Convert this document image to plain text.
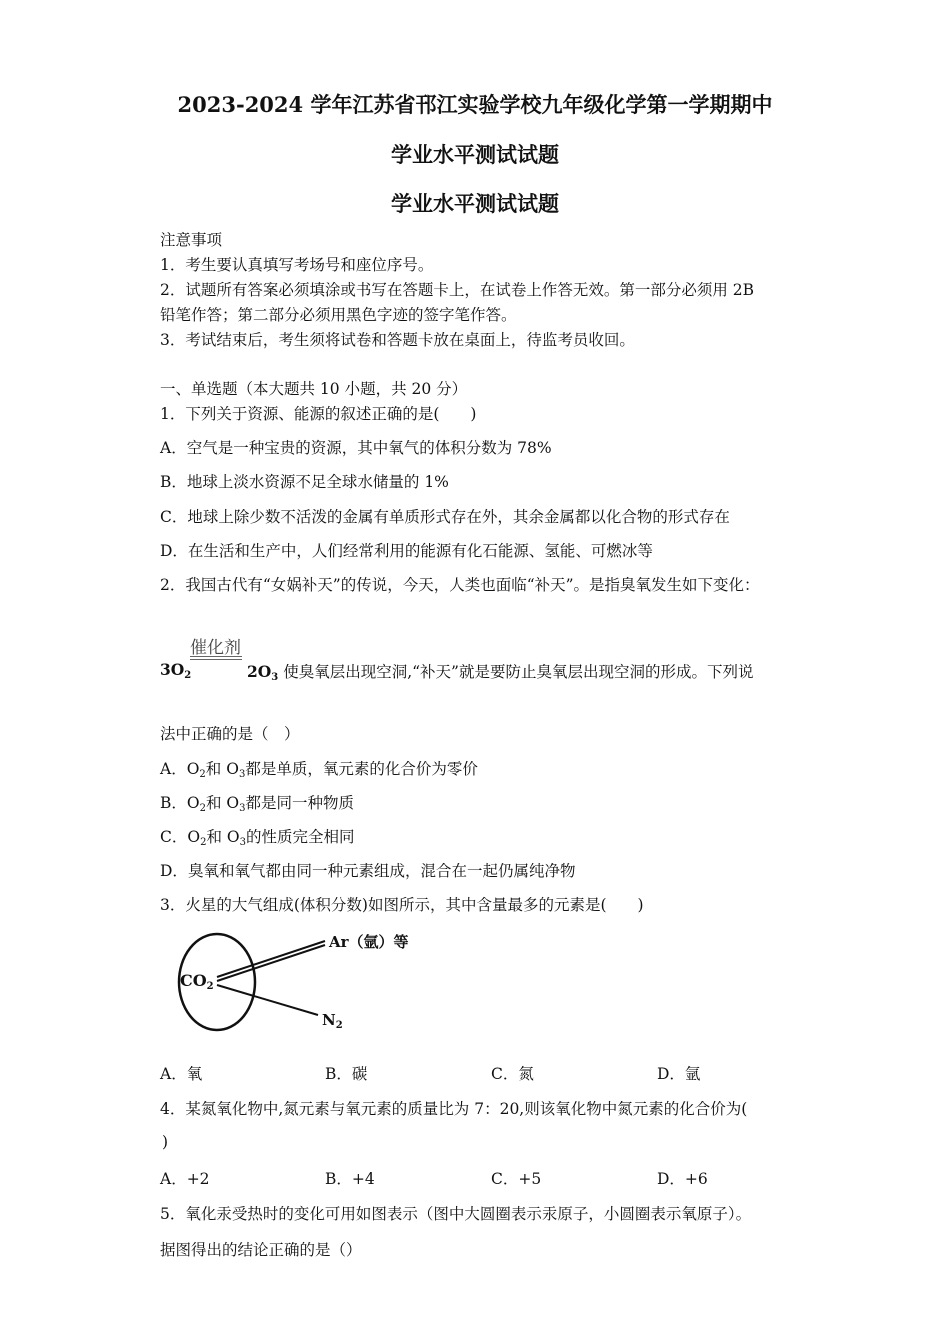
2023-2024 学年江苏省邗江实验学校九年级化学第一学期期中
学业水平测试试题
学业水平测试试题
注意事项
1．考生要认真填写考场号和座位序号。
2．试题所有答案必须填涂或书写在答题卡上，在试卷上作答无效。第一部分必须用 2B
铅笔作答；第二部分必须用黑色字迹的签字笔作答。
3．考试结束后，考生须将试卷和答题卡放在桌面上，待监考员收回。
一、单选题（本大题共 10 小题，共 20 分）
1．下列关于资源、能源的叙述正确的是(　　)
A．空气是一种宝贵的资源，其中氧气的体积分数为 78%
B．地球上淡水资源不足全球水储量的 1%
C．地球上除少数不活泼的金属有单质形式存在外，其余金属都以化合物的形式存在
D．在生活和生产中，人们经常利用的能源有化石能源、氢能、可燃冰等
2．我国古代有“女娲补天”的传说，今天，人类也面临“补天”。是指臭氧发生如下变化：
催化剂
$3O_2$	$2O_3$ 使臭氧层出现空洞,“补天”就是要防止臭氧层出现空洞的形成。下列说
法中正确的是（　）
A．$O_2$和 $O_3$都是单质，氧元素的化合价为零价
B．$O_2$和 $O_3$都是同一种物质
C．$O_2$和 $O_3$的性质完全相同
D．臭氧和氧气都由同一种元素组成，混合在一起仍属纯净物
3．火星的大气组成(体积分数)如图所示，其中含量最多的元素是(　　)
CO2
Ar（氩）等
$N_2$
A．氧	B．碳	C．氮	D．氩
4．某氮氧化物中,氮元素与氧元素的质量比为 7：20,则该氧化物中氮元素的化合价为(
)
A．+2	B．+4	C．+5	D．+6
5．氧化汞受热时的变化可用如图表示（图中大圆圈表示汞原子，小圆圈表示氧原子）。
据图得出的结论正确的是（）
